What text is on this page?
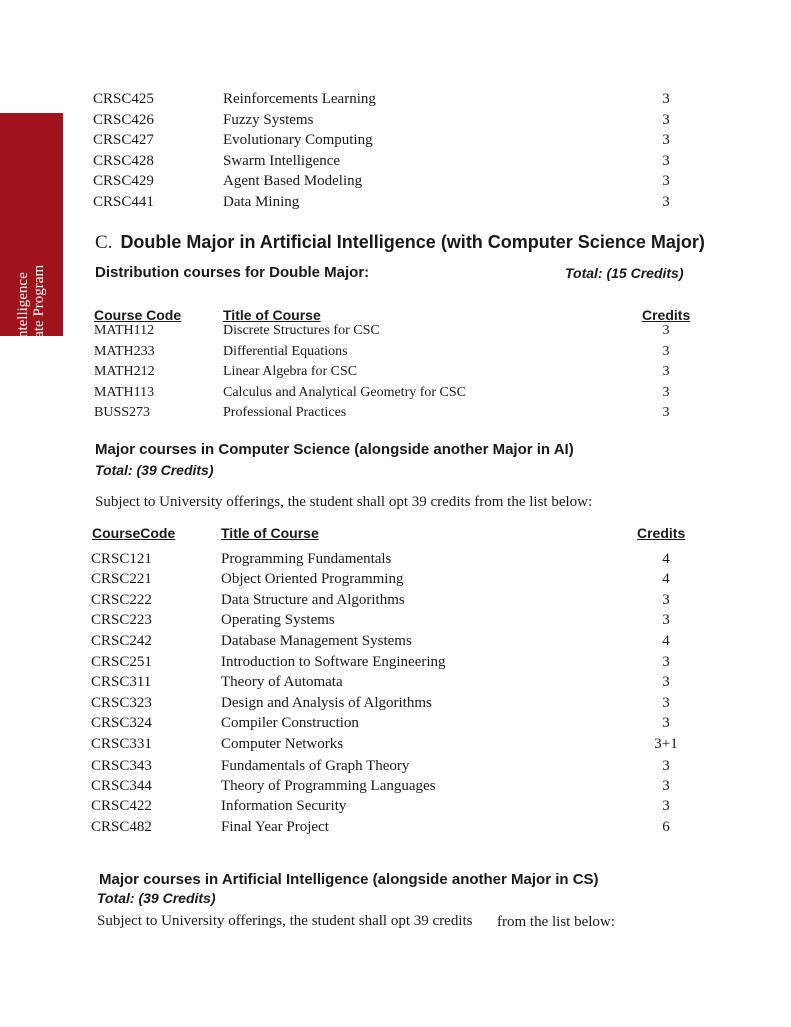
Artificial Intelligence Undergraduate Program
CRSC425	Reinforcements Learning	3
CRSC426	Fuzzy Systems	3
CRSC427	Evolutionary Computing	3
CRSC428	Swarm Intelligence	3
CRSC429	Agent Based Modeling	3
CRSC441	Data Mining	3
C. Double Major in Artificial Intelligence (with Computer Science Major)
Distribution courses for Double Major:	Total: (15 Credits)
Course Code	Title of Course	Credits
MATH112	Discrete Structures for CSC	3
MATH233	Differential Equations	3
MATH212	Linear Algebra for CSC	3
MATH113	Calculus and Analytical Geometry for CSC	3
BUSS273	Professional Practices	3
Major courses in Computer Science (alongside another Major in AI)
Total: (39 Credits)
Subject to University offerings, the student shall opt 39 credits from the list below:
CourseCode	Title of Course	Credits
CRSC121	Programming Fundamentals	4
CRSC221	Object Oriented Programming	4
CRSC222	Data Structure and Algorithms	3
CRSC223	Operating Systems	3
CRSC242	Database Management Systems	4
CRSC251	Introduction to Software Engineering	3
CRSC311	Theory of Automata	3
CRSC323	Design and Analysis of Algorithms	3
CRSC324	Compiler Construction	3
CRSC331	Computer Networks	3+1
CRSC343	Fundamentals of Graph Theory	3
CRSC344	Theory of Programming Languages	3
CRSC422	Information Security	3
CRSC482	Final Year Project	6
Major courses in Artificial Intelligence (alongside another Major in CS)
Total: (39 Credits)
Subject to University offerings, the student shall opt 39 credits from the list below:
